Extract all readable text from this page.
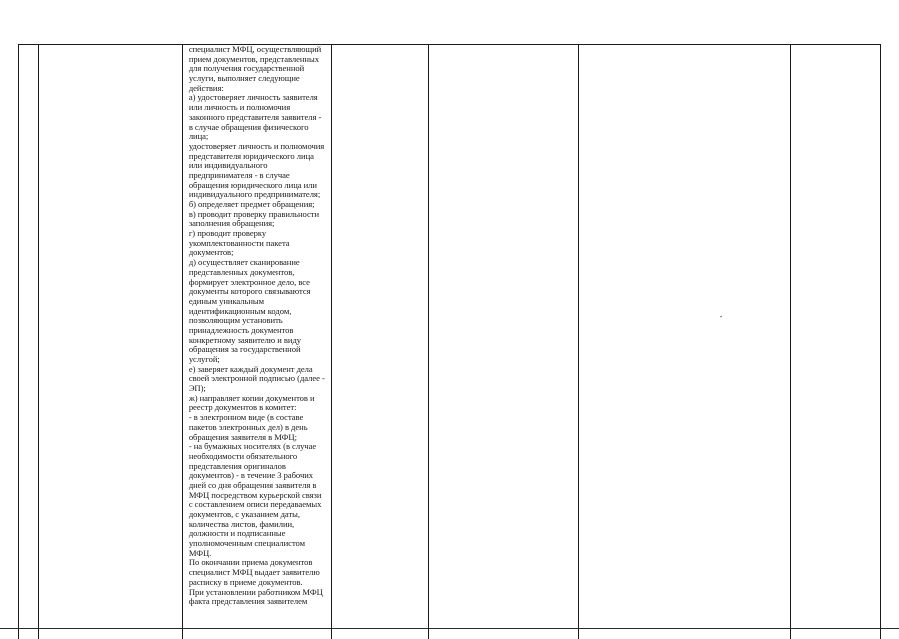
специалист МФЦ, осуществляющий
прием документов, представленных
для получения государственной
услуги, выполняет следующие
действия:
а) удостоверяет личность заявителя
или личность и полномочия
законного представителя заявителя -
в случае обращения физического
лица;
удостоверяет личность и полномочия
представителя юридического лица
или индивидуального
предпринимателя - в случае
обращения юридического лица или
индивидуального предпринимателя;
б) определяет предмет обращения;
в) проводит проверку правильности
заполнения обращения;
г) проводит проверку
укомплектованности пакета
документов;
д) осуществляет сканирование
представленных документов,
формирует электронное дело, все
документы которого связываются
единым уникальным
идентификационным кодом,
позволяющим установить
принадлежность документов
конкретному заявителю и виду
обращения за государственной
услугой;
е) заверяет каждый документ дела
своей электронной подписью (далее -
ЭП);
ж) направляет копии документов и
реестр документов в комитет:
- в электронном виде (в составе
пакетов электронных дел) в день
обращения заявителя в МФЦ;
- на бумажных носителях (в случае
необходимости обязательного
представления оригиналов
документов) - в течение 3 рабочих
дней со дня обращения заявителя в
МФЦ посредством курьерской связи
с составлением описи передаваемых
документов, с указанием даты,
количества листов, фамилии,
должности и подписанные
уполномоченным специалистом
МФЦ.
По окончании приема документов
специалист МФЦ выдает заявителю
расписку в приеме документов.
При установлении работником МФЦ
факта представления заявителем
